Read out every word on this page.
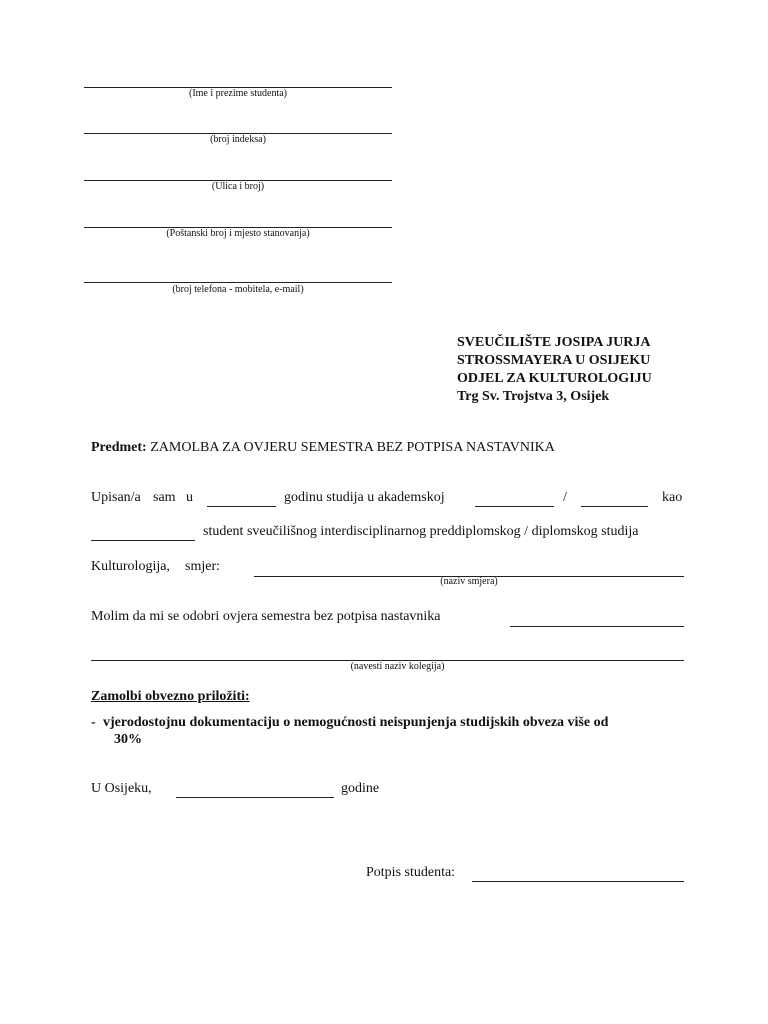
(Ime i prezime studenta)
(broj indeksa)
(Ulica i broj)
(Poštanski broj i mjesto stanovanja)
(broj telefona - mobitela, e-mail)
SVEUČILIŠTE JOSIPA JURJA
STROSSMAYERA U OSIJEKU
ODJEL ZA KULTUROLOGIJU
Trg Sv. Trojstva 3, Osijek
Predmet: ZAMOLBA ZA OVJERU SEMESTRA BEZ POTPISA NASTAVNIKA
Upisan/a sam u	godinu studija u akademskoj	/	kao
student sveučilišnog interdisciplinarnog preddiplomskog / diplomskog studija
Kulturologija, smjer:
(naziv smjera)
Molim da mi se odobri ovjera semestra bez potpisa nastavnika
(navesti naziv kolegija)
Zamolbi obvezno priložiti:
- vjerodostojnu dokumentaciju o nemogućnosti neispunjenja studijskih obveza više od
30%
U Osijeku,	godine
Potpis studenta:
